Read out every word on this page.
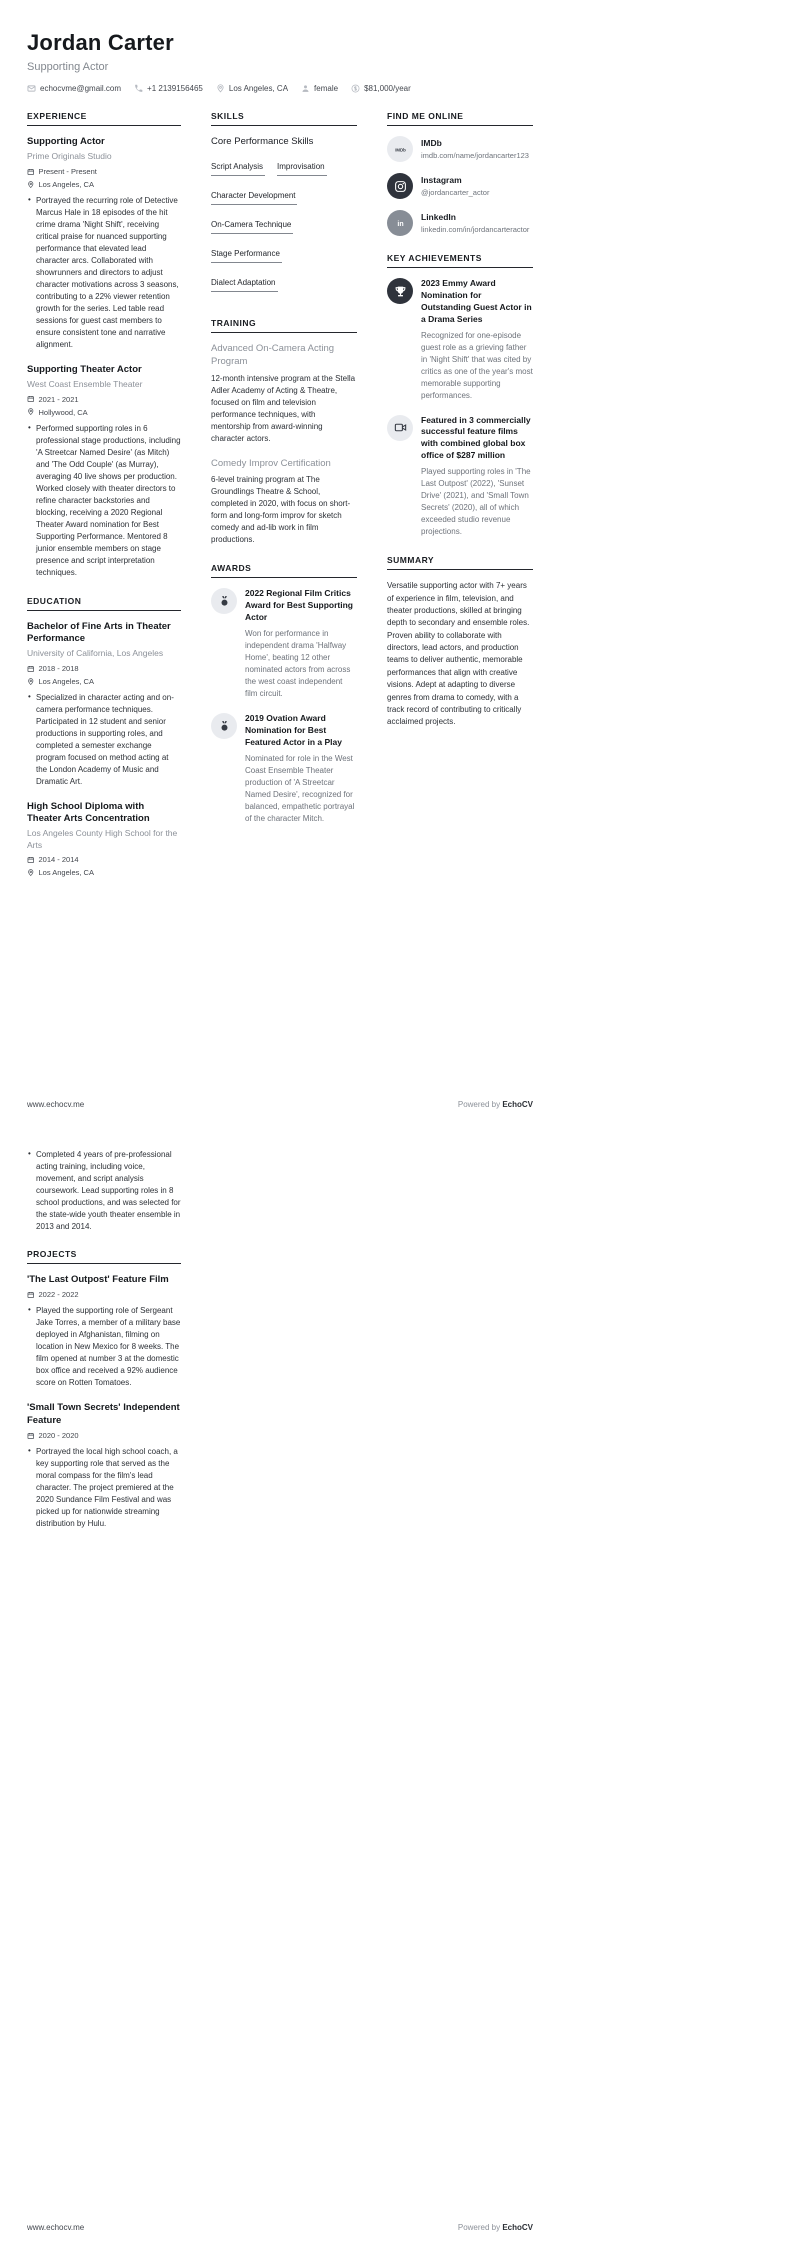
Jordan Carter
Supporting Actor
echocvme@gmail.com	+1 2139156465	Los Angeles, CA	female	$81,000/year
EXPERIENCE
Supporting Actor
Prime Originals Studio
Present - Present
Los Angeles, CA
• Portrayed the recurring role of Detective Marcus Hale in 18 episodes of the hit crime drama 'Night Shift', receiving critical praise for nuanced supporting performance that elevated lead character arcs. Collaborated with showrunners and directors to adjust character motivations across 3 seasons, contributing to a 22% viewer retention growth for the series. Led table read sessions for guest cast members to ensure consistent tone and narrative alignment.
Supporting Theater Actor
West Coast Ensemble Theater
2021 - 2021
Hollywood, CA
• Performed supporting roles in 6 professional stage productions, including 'A Streetcar Named Desire' (as Mitch) and 'The Odd Couple' (as Murray), averaging 40 live shows per production. Worked closely with theater directors to refine character backstories and blocking, receiving a 2020 Regional Theater Award nomination for Best Supporting Performance. Mentored 8 junior ensemble members on stage presence and script interpretation techniques.
EDUCATION
Bachelor of Fine Arts in Theater Performance
University of California, Los Angeles
2018 - 2018
Los Angeles, CA
• Specialized in character acting and on-camera performance techniques. Participated in 12 student and senior productions in supporting roles, and completed a semester exchange program focused on method acting at the London Academy of Music and Dramatic Art.
High School Diploma with Theater Arts Concentration
Los Angeles County High School for the Arts
2014 - 2014
Los Angeles, CA
SKILLS
Core Performance Skills
Script Analysis ImprovisationCharacter DevelopmentOn-Camera TechniqueStage PerformanceDialect Adaptation
TRAINING
Advanced On-Camera Acting Program
12-month intensive program at the Stella Adler Academy of Acting & Theatre, focused on film and television performance techniques, with mentorship from award-winning character actors.
Comedy Improv Certification
6-level training program at The Groundlings Theatre & School, completed in 2020, with focus on short-form and long-form improv for sketch comedy and ad-lib work in film productions.
AWARDS
2022 Regional Film Critics Award for Best Supporting Actor
Won for performance in independent drama 'Halfway Home', beating 12 other nominated actors from across the west coast independent film circuit.
2019 Ovation Award Nomination for Best Featured Actor in a Play
Nominated for role in the West Coast Ensemble Theater production of 'A Streetcar Named Desire', recognized for balanced, empathetic portrayal of the character Mitch.
FIND ME ONLINE
IMDb
IMDb
imdb.com/name/jordancarter123
Instagram
@jordancarter_actor
in
LinkedIn
linkedin.com/in/jordancarteractor
KEY ACHIEVEMENTS
2023 Emmy Award Nomination for Outstanding Guest Actor in a Drama Series
Recognized for one-episode guest role as a grieving father in 'Night Shift' that was cited by critics as one of the year's most memorable supporting performances.
Featured in 3 commercially successful feature films with combined global box office of $287 million
Played supporting roles in 'The Last Outpost' (2022), 'Sunset Drive' (2021), and 'Small Town Secrets' (2020), all of which exceeded studio revenue projections.
SUMMARY
Versatile supporting actor with 7+ years of experience in film, television, and theater productions, skilled at bringing depth to secondary and ensemble roles. Proven ability to collaborate with directors, lead actors, and production teams to deliver authentic, memorable performances that align with creative visions. Adept at adapting to diverse genres from drama to comedy, with a track record of contributing to critically acclaimed projects.
www.echocv.me	Powered by EchoCV
• Completed 4 years of pre-professional acting training, including voice, movement, and script analysis coursework. Lead supporting roles in 8 school productions, and was selected for the state-wide youth theater ensemble in 2013 and 2014.
PROJECTS
'The Last Outpost' Feature Film
2022 - 2022
• Played the supporting role of Sergeant Jake Torres, a member of a military base deployed in Afghanistan, filming on location in New Mexico for 8 weeks. The film opened at number 3 at the domestic box office and received a 92% audience score on Rotten Tomatoes.
'Small Town Secrets' Independent Feature
2020 - 2020
• Portrayed the local high school coach, a key supporting role that served as the moral compass for the film's lead character. The project premiered at the 2020 Sundance Film Festival and was picked up for nationwide streaming distribution by Hulu.
www.echocv.me	Powered by EchoCV
